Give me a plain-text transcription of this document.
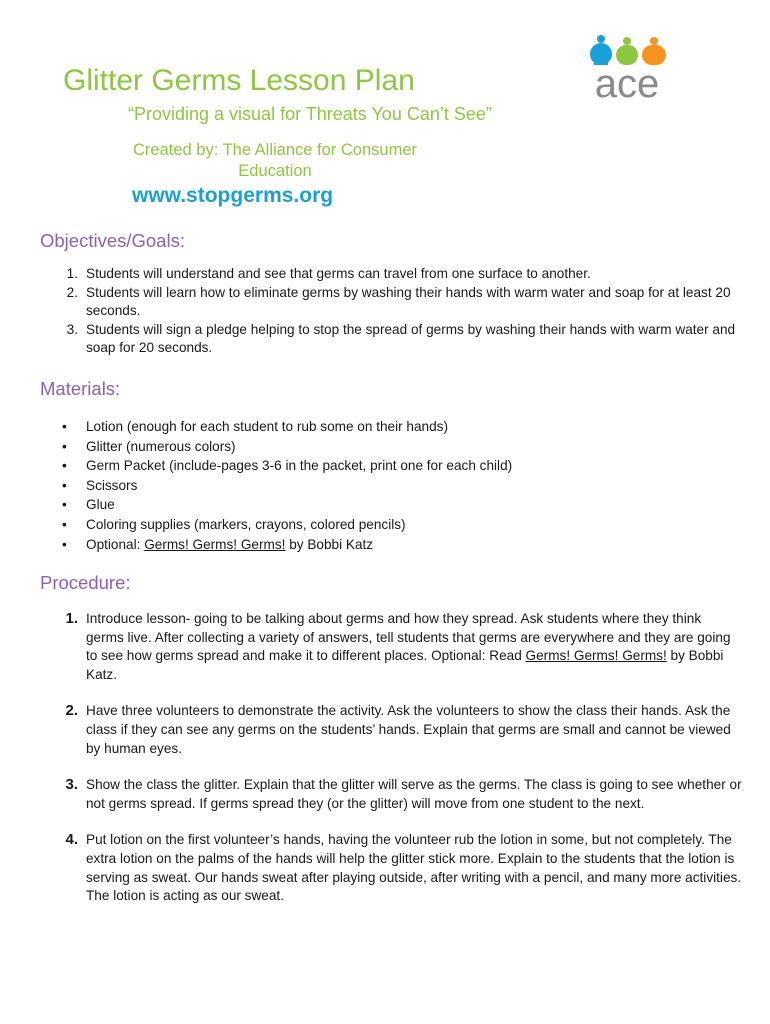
Glitter Germs Lesson Plan
“Providing a visual for Threats You Can’t See”
Created by: The Alliance for Consumer Education
www.stopgerms.org
ace
Objectives/Goals:
1. Students will understand and see that germs can travel from one surface to another.
2. Students will learn how to eliminate germs by washing their hands with warm water and soap for at least 20 seconds.
3. Students will sign a pledge helping to stop the spread of germs by washing their hands with warm water and soap for 20 seconds.
Materials:
• Lotion (enough for each student to rub some on their hands)
• Glitter (numerous colors)
• Germ Packet (include-pages 3-6 in the packet, print one for each child)
• Scissors
• Glue
• Coloring supplies (markers, crayons, colored pencils)
• Optional: Germs! Germs! Germs! by Bobbi Katz
Procedure:
1. Introduce lesson- going to be talking about germs and how they spread. Ask students where they think germs live. After collecting a variety of answers, tell students that germs are everywhere and they are going to see how germs spread and make it to different places. Optional: Read Germs! Germs! Germs! by Bobbi Katz.
2. Have three volunteers to demonstrate the activity. Ask the volunteers to show the class their hands. Ask the class if they can see any germs on the students’ hands. Explain that germs are small and cannot be viewed by human eyes.
3. Show the class the glitter. Explain that the glitter will serve as the germs. The class is going to see whether or not germs spread. If germs spread they (or the glitter) will move from one student to the next.
4. Put lotion on the first volunteer’s hands, having the volunteer rub the lotion in some, but not completely. The extra lotion on the palms of the hands will help the glitter stick more. Explain to the students that the lotion is serving as sweat. Our hands sweat after playing outside, after writing with a pencil, and many more activities. The lotion is acting as our sweat.
